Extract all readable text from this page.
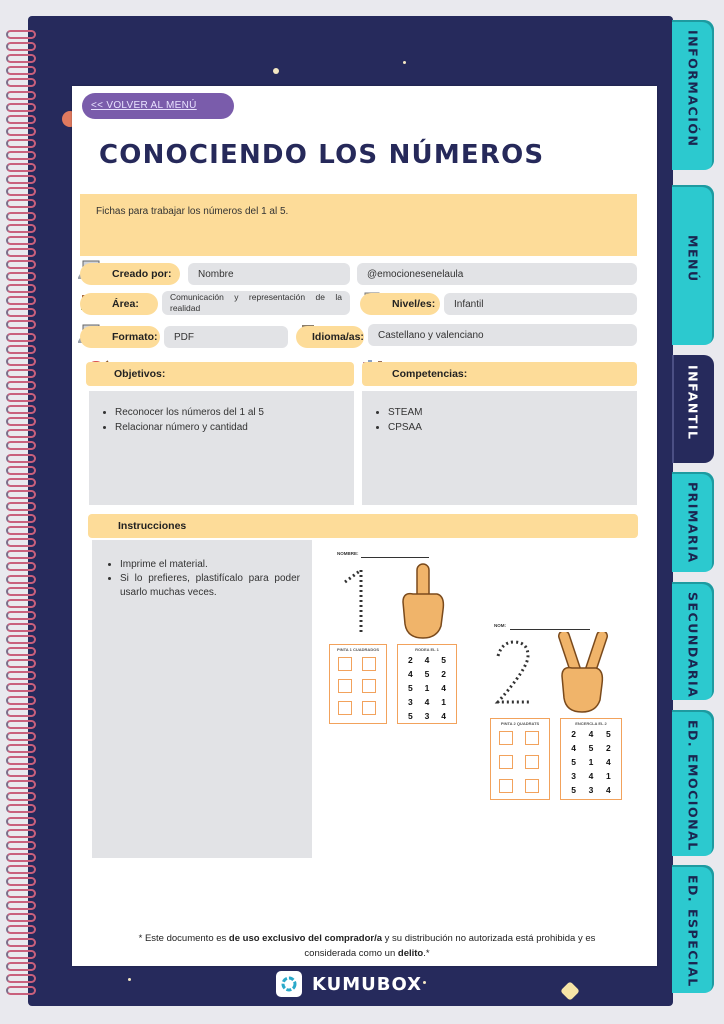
INFORMACIÓN
MENÚ
INFANTIL
PRIMARIA
SECUNDARIA
ED. EMOCIONAL
ED. ESPECIAL
<< VOLVER AL MENÚ
CONOCIENDO LOS NÚMEROS

Fichas para trabajar los números del 1 al 5.

Creado por:	Nombre	@emocionesenelaula
Área:
Comunicación y representación de la realidad	Nivel/es:	Infantil
Formato:	PDF	Idioma/as:	Castellano y valenciano
Objetivos:	Competencias:
• Reconocer los números del 1 al 5
• Relacionar número y cantidad
• STEAM
• CPSAA
Instrucciones
• Imprime el material.
• Si lo prefieres, plastifícalo para poder usarlo muchas veces.
NOMBRE:
PINTA 1 CUADRADOS	RODEA EL 1
2	4	5
4	5	2
5	1	4
3	4	1
5	3	4
NOM:
PINTA 2 QUADRATS	ENCERCLA EL 2
2	4	5
4	5	2
5	1	4
3	4	1
5	3	4
* Este documento es de uso exclusivo del comprador/a y su distribución no autorizada está prohibida y es considerada como un delito.*
KUMUBOX
